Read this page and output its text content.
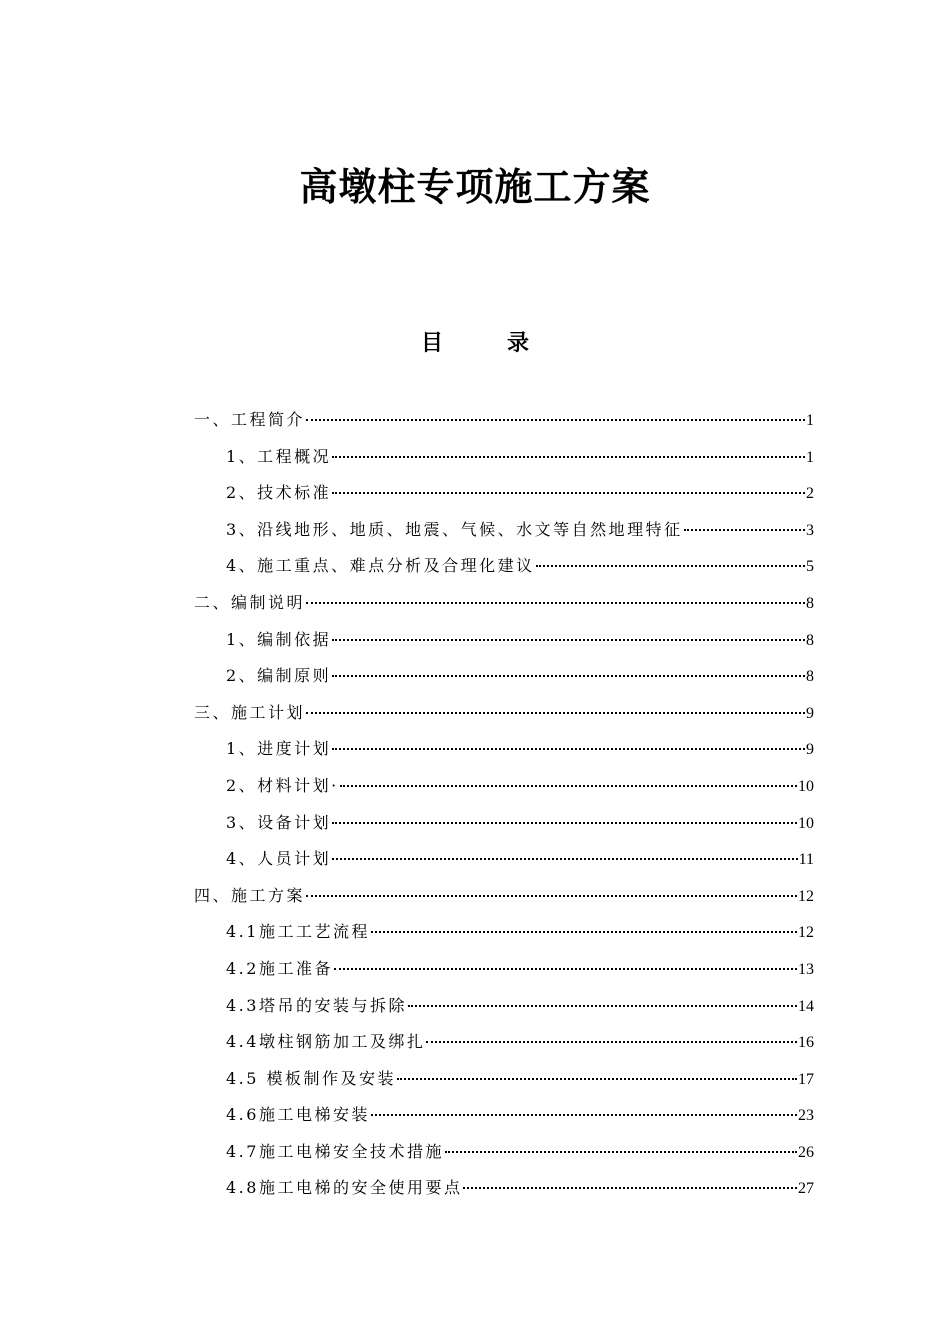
高墩柱专项施工方案
目	录
一、工程简介	1
1、工程概况	1
2、技术标准	2
3、沿线地形、地质、地震、气候、水文等自然地理特征	3
4、施工重点、难点分析及合理化建议	5
二、编制说明	8
1、编制依据	8
2、编制原则	8
三、施工计划	9
1、进度计划	9
2、材料计划·	10
3、设备计划	10
4、人员计划	11
四、施工方案	12
4.1施工工艺流程	12
4.2施工准备	13
4.3塔吊的安装与拆除	14
4.4墩柱钢筋加工及绑扎	16
4.5 模板制作及安装	17
4.6施工电梯安装	23
4.7施工电梯安全技术措施	26
4.8施工电梯的安全使用要点	27
